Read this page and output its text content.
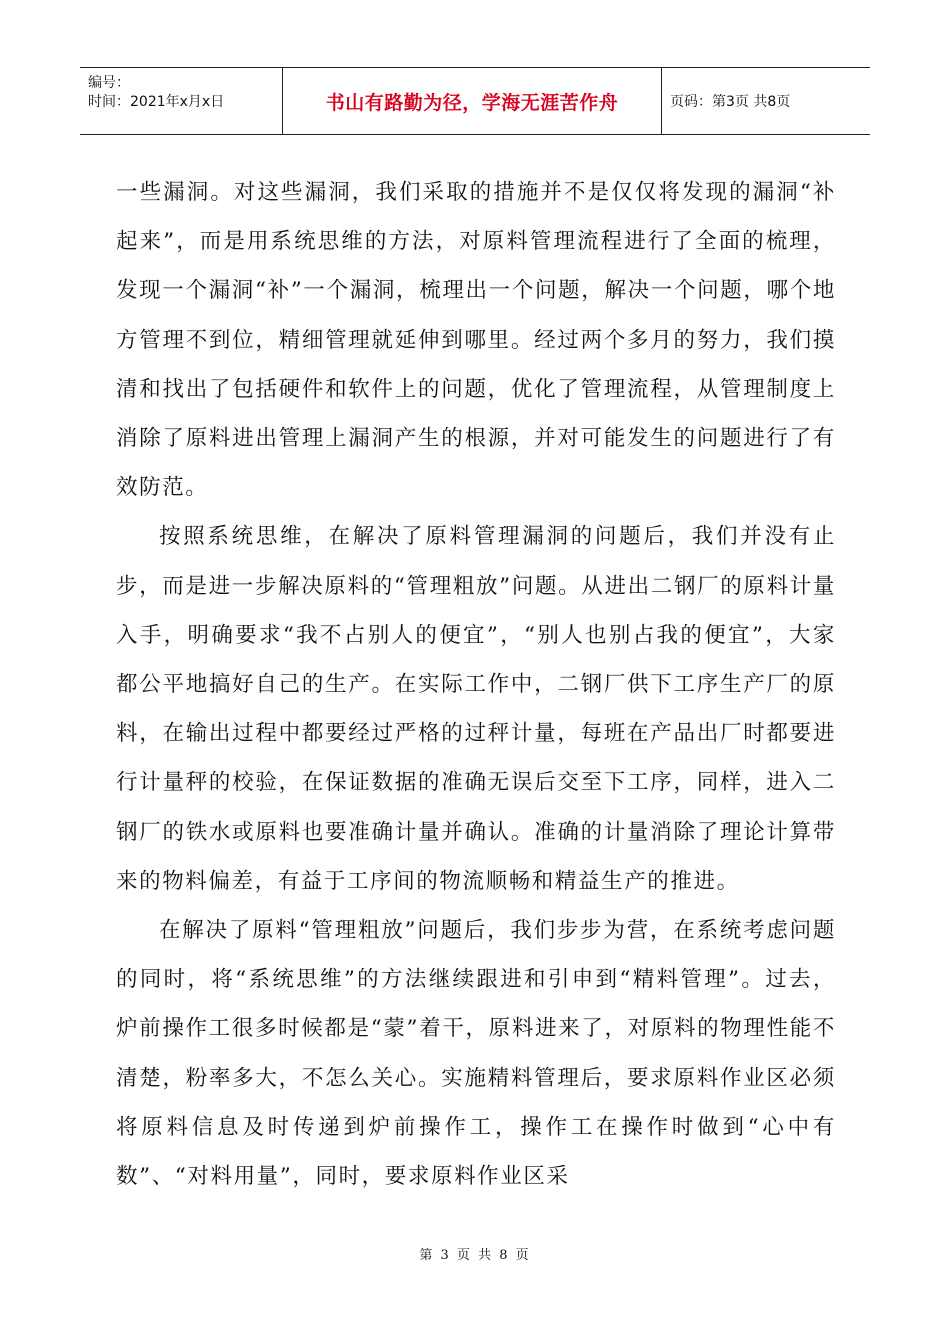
编号：
时间：2021年x月x日	书山有路勤为径，学海无涯苦作舟	页码：第3页 共8页

一些漏洞。对这些漏洞，我们采取的措施并不是仅仅将发现的漏洞“补起来”，而是用系统思维的方法，对原料管理流程进行了全面的梳理，发现一个漏洞“补”一个漏洞，梳理出一个问题，解决一个问题，哪个地方管理不到位，精细管理就延伸到哪里。经过两个多月的努力，我们摸清和找出了包括硬件和软件上的问题，优化了管理流程，从管理制度上消除了原料进出管理上漏洞产生的根源，并对可能发生的问题进行了有效防范。

按照系统思维，在解决了原料管理漏洞的问题后，我们并没有止步，而是进一步解决原料的“管理粗放”问题。从进出二钢厂的原料计量入手，明确要求“我不占别人的便宜”，“别人也别占我的便宜”，大家都公平地搞好自己的生产。在实际工作中，二钢厂供下工序生产厂的原料，在输出过程中都要经过严格的过秤计量，每班在产品出厂时都要进行计量秤的校验，在保证数据的准确无误后交至下工序，同样，进入二钢厂的铁水或原料也要准确计量并确认。准确的计量消除了理论计算带来的物料偏差，有益于工序间的物流顺畅和精益生产的推进。

在解决了原料“管理粗放”问题后，我们步步为营，在系统考虑问题的同时，将“系统思维”的方法继续跟进和引申到“精料管理”。过去，炉前操作工很多时候都是“蒙”着干，原料进来了，对原料的物理性能不清楚，粉率多大，不怎么关心。实施精料管理后，要求原料作业区必须将原料信息及时传递到炉前操作工，操作工在操作时做到“心中有数”、“对料用量”，同时，要求原料作业区采

第 3 页 共 8 页
